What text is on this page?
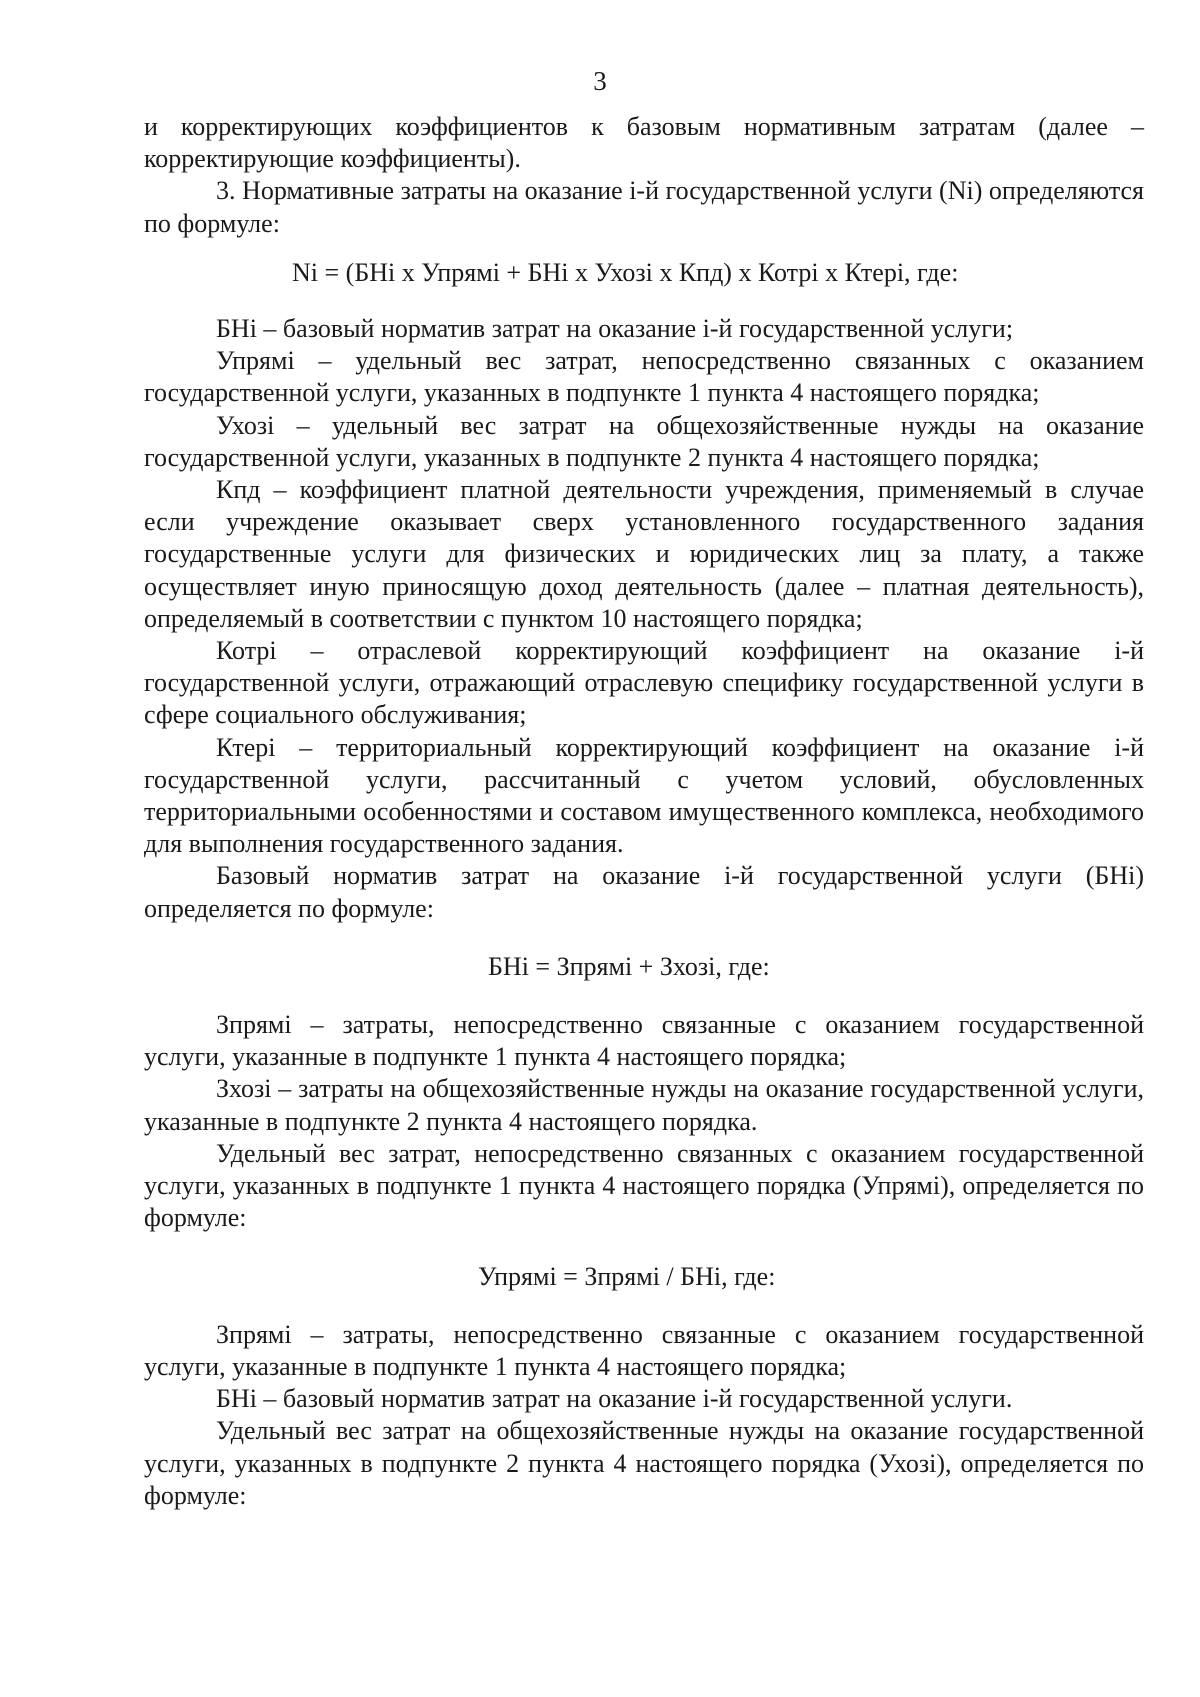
3

и корректирующих коэффициентов к базовым нормативным затратам (далее – корректирующие коэффициенты).

3. Нормативные затраты на оказание i-й государственной услуги (Ni) определяются по формуле:

Ni = (БНi x Упрямi + БНi x Ухозi x Кпд) x Котрi x Ктерi, где:

БНi – базовый норматив затрат на оказание i-й государственной услуги;

Упрямi – удельный вес затрат, непосредственно связанных с оказанием государственной услуги, указанных в подпункте 1 пункта 4 настоящего порядка;

Ухозi – удельный вес затрат на общехозяйственные нужды на оказание государственной услуги, указанных в подпункте 2 пункта 4 настоящего порядка;

Кпд – коэффициент платной деятельности учреждения, применяемый в случае если учреждение оказывает сверх установленного государственного задания государственные услуги для физических и юридических лиц за плату, а также осуществляет иную приносящую доход деятельность (далее – платная деятельность), определяемый в соответствии с пунктом 10 настоящего порядка;

Котрi – отраслевой корректирующий коэффициент на оказание i-й государственной услуги, отражающий отраслевую специфику государственной услуги в сфере социального обслуживания;

Ктерi – территориальный корректирующий коэффициент на оказание i-й государственной услуги, рассчитанный с учетом условий, обусловленных территориальными особенностями и составом имущественного комплекса, необходимого для выполнения государственного задания.

Базовый норматив затрат на оказание i-й государственной услуги (БНi) определяется по формуле:

БНi = Зпрямi + Зхозi, где:

Зпрямi – затраты, непосредственно связанные с оказанием государственной услуги, указанные в подпункте 1 пункта 4 настоящего порядка;

Зхозi – затраты на общехозяйственные нужды на оказание государственной услуги, указанные в подпункте 2 пункта 4 настоящего порядка.

Удельный вес затрат, непосредственно связанных с оказанием государственной услуги, указанных в подпункте 1 пункта 4 настоящего порядка (Упрямi), определяется по формуле:

Упрямi = Зпрямi / БНi, где:

Зпрямi – затраты, непосредственно связанные с оказанием государственной услуги, указанные в подпункте 1 пункта 4 настоящего порядка;

БНi – базовый норматив затрат на оказание i-й государственной услуги.

Удельный вес затрат на общехозяйственные нужды на оказание государственной услуги, указанных в подпункте 2 пункта 4 настоящего порядка (Ухозi), определяется по формуле:
